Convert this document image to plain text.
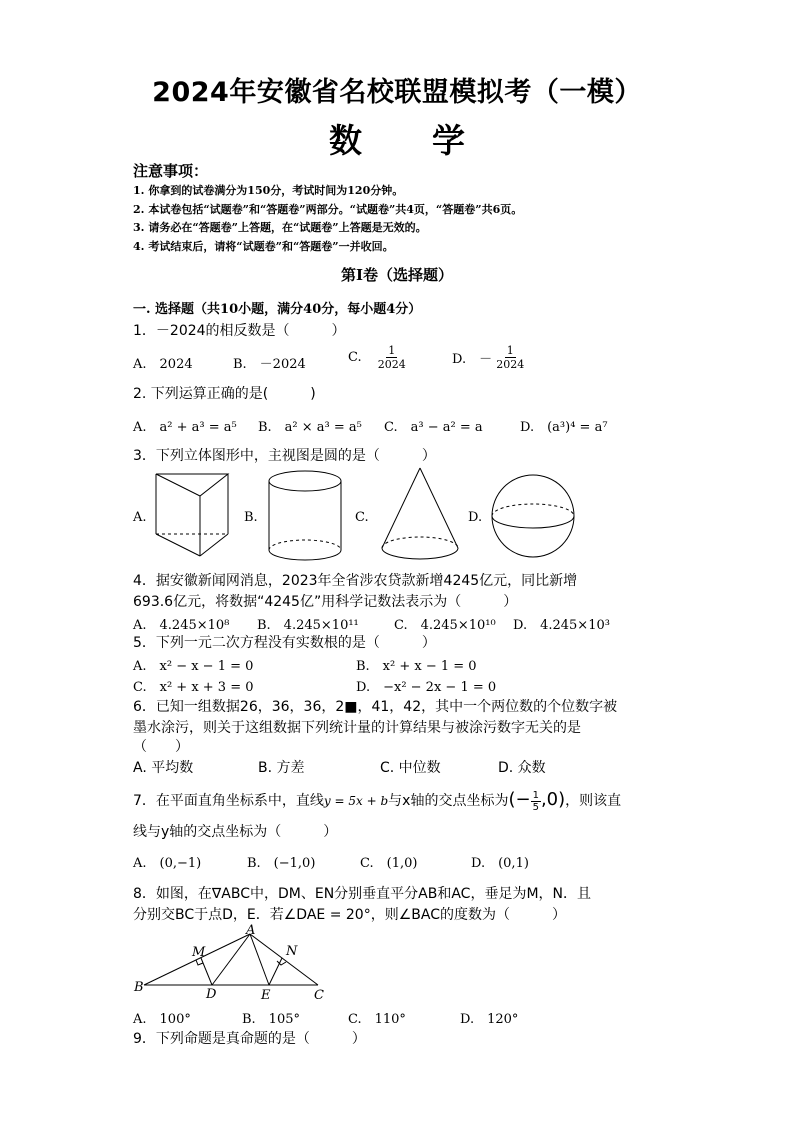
2024年安徽省名校联盟模拟考（一模）
数 学
注意事项：
1. 你拿到的试卷满分为150分，考试时间为120分钟。
2. 本试卷包括“试题卷”和“答题卷”两部分。“试题卷”共4页，“答题卷”共6页。
3. 请务必在“答题卷”上答题，在“试题卷”上答题是无效的。
4. 考试结束后，请将“试题卷”和“答题卷”一并收回。
第Ⅰ卷（选择题）
一. 选择题（共10小题，满分40分，每小题4分）
1．－2024的相反数是（　　　）
A.　2024	B.　－2024	C. $\frac{1}{2024}$	D.　－ $\frac{1}{2024}$
2. 下列运算正确的是(　　　)
A.　a² + a³ = a⁵ B.　a² × a³ = a⁵ C.　a³ − a² = a	D.　(a³)⁴ = a⁷
3．下列立体图形中，主视图是圆的是（　　　）
A.	B.	C.	D.
4．据安徽新闻网消息，2023年全省涉农贷款新增4245亿元，同比新增
693.6亿元，将数据“4245亿”用科学记数法表示为（　　　）
A.　4.245×10⁸ B.　4.245×10¹¹	C.　4.245×10¹⁰ D.　4.245×10³
5．下列一元二次方程没有实数根的是（　　　）
A.　x² − x − 1 = 0	B.　x² + x − 1 = 0
C.　x² + x + 3 = 0	D.　−x² − 2x − 1 = 0
6．已知一组数据26，36，36，2■，41，42，其中一个两位数的个位数字被
墨水涂污，则关于这组数据下列统计量的计算结果与被涂污数字无关的是
（　　）
A. 平均数	B. 方差	C. 中位数	D. 众数
7．在平面直角坐标系中，直线y = 5x + b与x轴的交点坐标为(− $\frac{1}{5} ,0$)，则该直
线与y轴的交点坐标为（　　　）
A.　(0,−1)	B.　(−1,0)	C.　(1,0)	D.　(0,1)
8．如图，在∇ABC中，DM、EN分别垂直平分AB和AC，垂足为M，N．且
分别交BC于点D，E．若∠DAE = 20°，则∠BAC的度数为（　　　）
B
A
C
D	E
M	N
A.　100°	B.　105°	C.　110°	D.　120°
9．下列命题是真命题的是（　　　）
